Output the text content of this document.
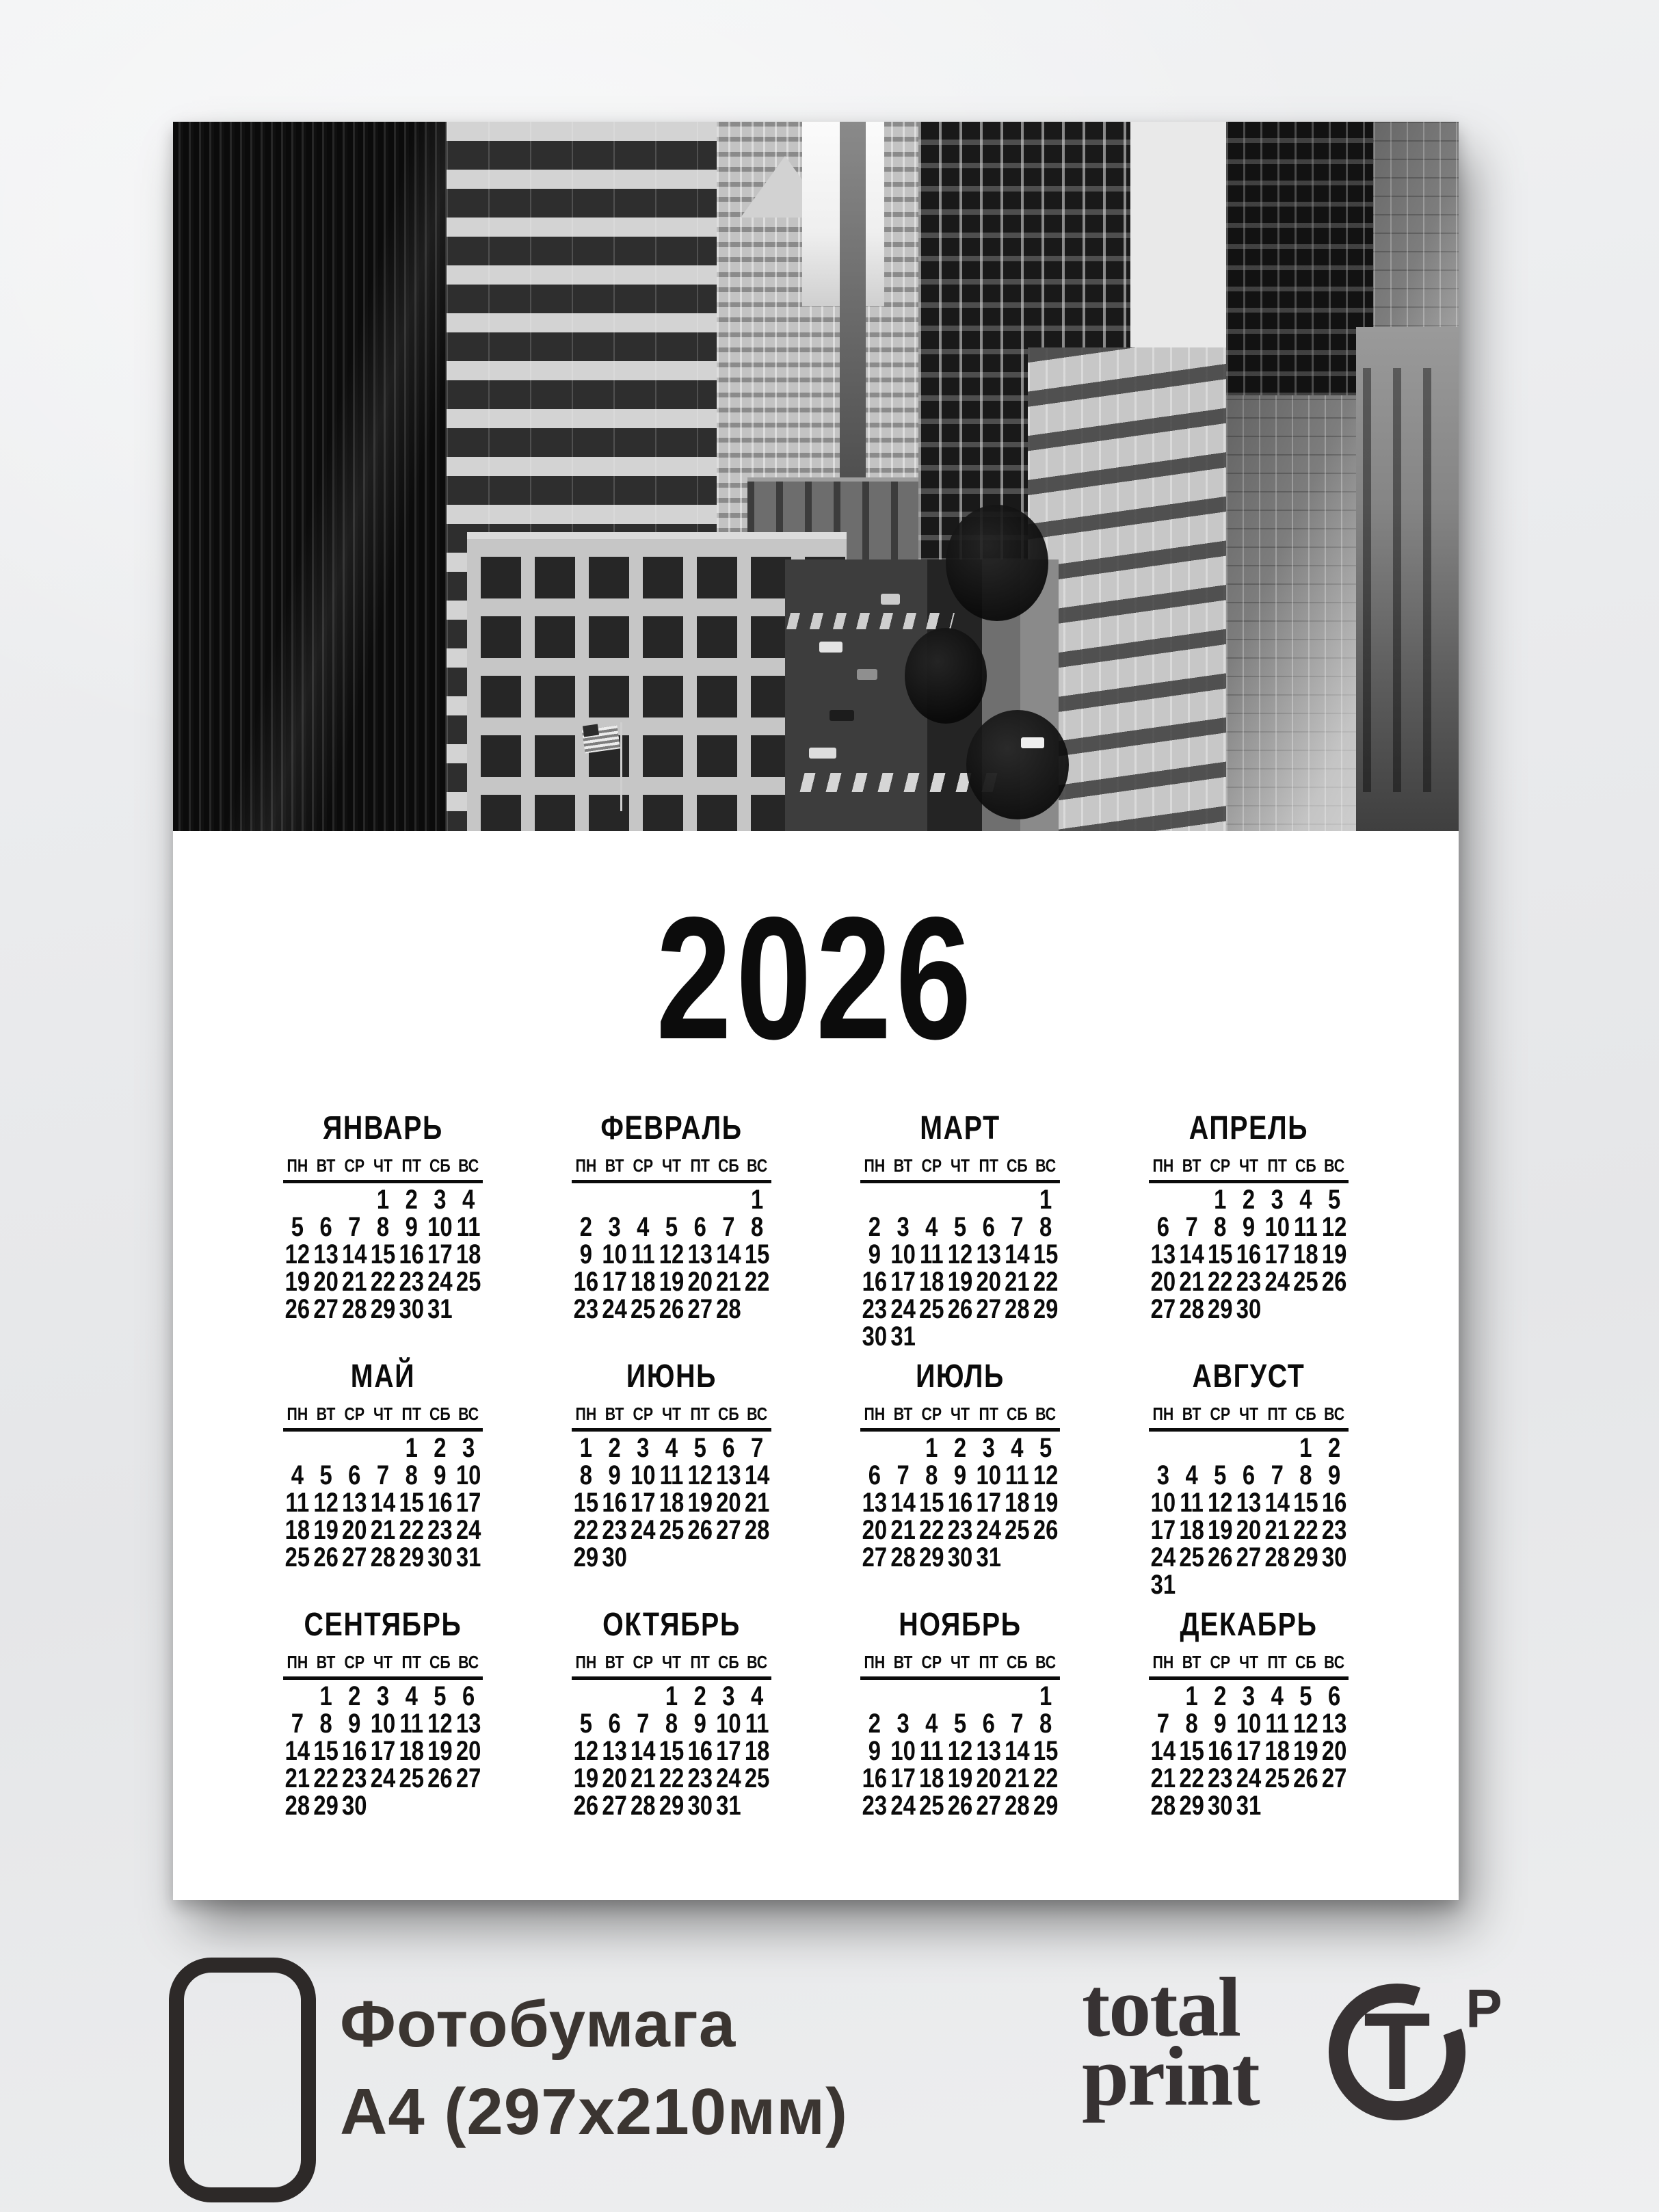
2026
ЯНВАРЬ
ПН ВТ СР ЧТ ПТ СБ ВС
1 2 3 4
5 6 7 8 9 10 11
12 13 14 15 16 17 18
19 20 21 22 23 24 25
26 27 28 29 30 31
ФЕВРАЛЬ
ПН ВТ СР ЧТ ПТ СБ ВС
1
2 3 4 5 6 7 8
9 10 11 12 13 14 15
16 17 18 19 20 21 22
23 24 25 26 27 28
МАРТ
ПН ВТ СР ЧТ ПТ СБ ВС
1
2 3 4 5 6 7 8
9 10 11 12 13 14 15
16 17 18 19 20 21 22
23 24 25 26 27 28 29
30 31
АПРЕЛЬ
ПН ВТ СР ЧТ ПТ СБ ВС
1 2 3 4 5
6 7 8 9 10 11 12
13 14 15 16 17 18 19
20 21 22 23 24 25 26
27 28 29 30
МАЙ
ПН ВТ СР ЧТ ПТ СБ ВС
1 2 3
4 5 6 7 8 9 10
11 12 13 14 15 16 17
18 19 20 21 22 23 24
25 26 27 28 29 30 31
ИЮНЬ
ПН ВТ СР ЧТ ПТ СБ ВС
1 2 3 4 5 6 7
8 9 10 11 12 13 14
15 16 17 18 19 20 21
22 23 24 25 26 27 28
29 30
ИЮЛЬ
ПН ВТ СР ЧТ ПТ СБ ВС
1 2 3 4 5
6 7 8 9 10 11 12
13 14 15 16 17 18 19
20 21 22 23 24 25 26
27 28 29 30 31
АВГУСТ
ПН ВТ СР ЧТ ПТ СБ ВС
1 2
3 4 5 6 7 8 9
10 11 12 13 14 15 16
17 18 19 20 21 22 23
24 25 26 27 28 29 30
31
СЕНТЯБРЬ
ПН ВТ СР ЧТ ПТ СБ ВС
1 2 3 4 5 6
7 8 9 10 11 12 13
14 15 16 17 18 19 20
21 22 23 24 25 26 27
28 29 30
ОКТЯБРЬ
ПН ВТ СР ЧТ ПТ СБ ВС
1 2 3 4
5 6 7 8 9 10 11
12 13 14 15 16 17 18
19 20 21 22 23 24 25
26 27 28 29 30 31
НОЯБРЬ
ПН ВТ СР ЧТ ПТ СБ ВС
1
2 3 4 5 6 7 8
9 10 11 12 13 14 15
16 17 18 19 20 21 22
23 24 25 26 27 28 29
ДЕКАБРЬ
ПН ВТ СР ЧТ ПТ СБ ВС
1 2 3 4 5 6
7 8 9 10 11 12 13
14 15 16 17 18 19 20
21 22 23 24 25 26 27
28 29 30 31
Фотобумага
А4 (297х210мм)
total
print T P
